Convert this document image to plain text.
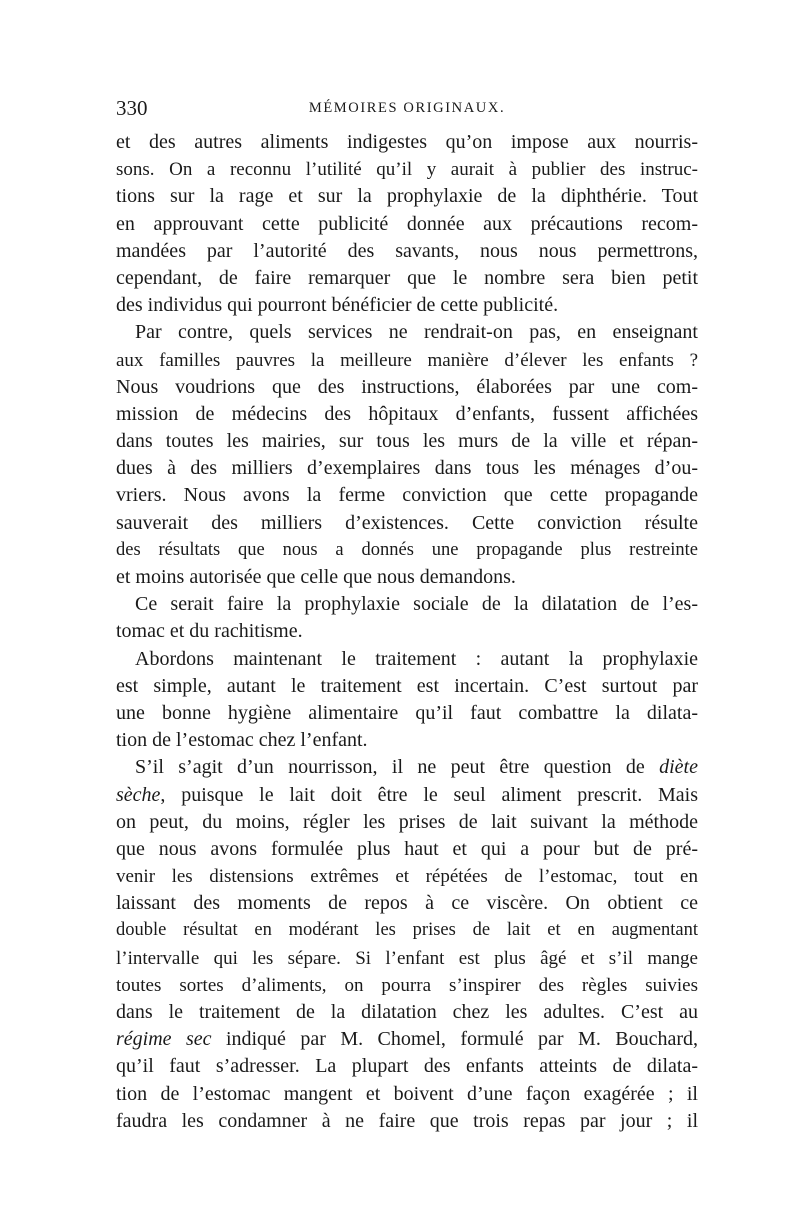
330	MÉMOIRES ORIGINAUX.
et des autres aliments indigestes qu’on impose aux nourris-
sons. On a reconnu l’utilité qu’il y aurait à publier des instruc-
tions sur la rage et sur la prophylaxie de la diphthérie. Tout
en approuvant cette publicité donnée aux précautions recom-
mandées par l’autorité des savants, nous nous permettrons,
cependant, de faire remarquer que le nombre sera bien petit
des individus qui pourront bénéficier de cette publicité.
Par contre, quels services ne rendrait-on pas, en enseignant
aux familles pauvres la meilleure manière d’élever les enfants ?
Nous voudrions que des instructions, élaborées par une com-
mission de médecins des hôpitaux d’enfants, fussent affichées
dans toutes les mairies, sur tous les murs de la ville et répan-
dues à des milliers d’exemplaires dans tous les ménages d’ou-
vriers. Nous avons la ferme conviction que cette propagande
sauverait des milliers d’existences. Cette conviction résulte
des résultats que nous a donnés une propagande plus restreinte
et moins autorisée que celle que nous demandons.
Ce serait faire la prophylaxie sociale de la dilatation de l’es-
tomac et du rachitisme.
Abordons maintenant le traitement : autant la prophylaxie
est simple, autant le traitement est incertain. C’est surtout par
une bonne hygiène alimentaire qu’il faut combattre la dilata-
tion de l’estomac chez l’enfant.
S’il s’agit d’un nourrisson, il ne peut être question de diète
sèche, puisque le lait doit être le seul aliment prescrit. Mais
on peut, du moins, régler les prises de lait suivant la méthode
que nous avons formulée plus haut et qui a pour but de pré-
venir les distensions extrêmes et répétées de l’estomac, tout en
laissant des moments de repos à ce viscère. On obtient ce
double résultat en modérant les prises de lait et en augmentant
l’intervalle qui les sépare. Si l’enfant est plus âgé et s’il mange
toutes sortes d’aliments, on pourra s’inspirer des règles suivies
dans le traitement de la dilatation chez les adultes. C’est au
régime sec indiqué par M. Chomel, formulé par M. Bouchard,
qu’il faut s’adresser. La plupart des enfants atteints de dilata-
tion de l’estomac mangent et boivent d’une façon exagérée ; il
faudra les condamner à ne faire que trois repas par jour ; il
